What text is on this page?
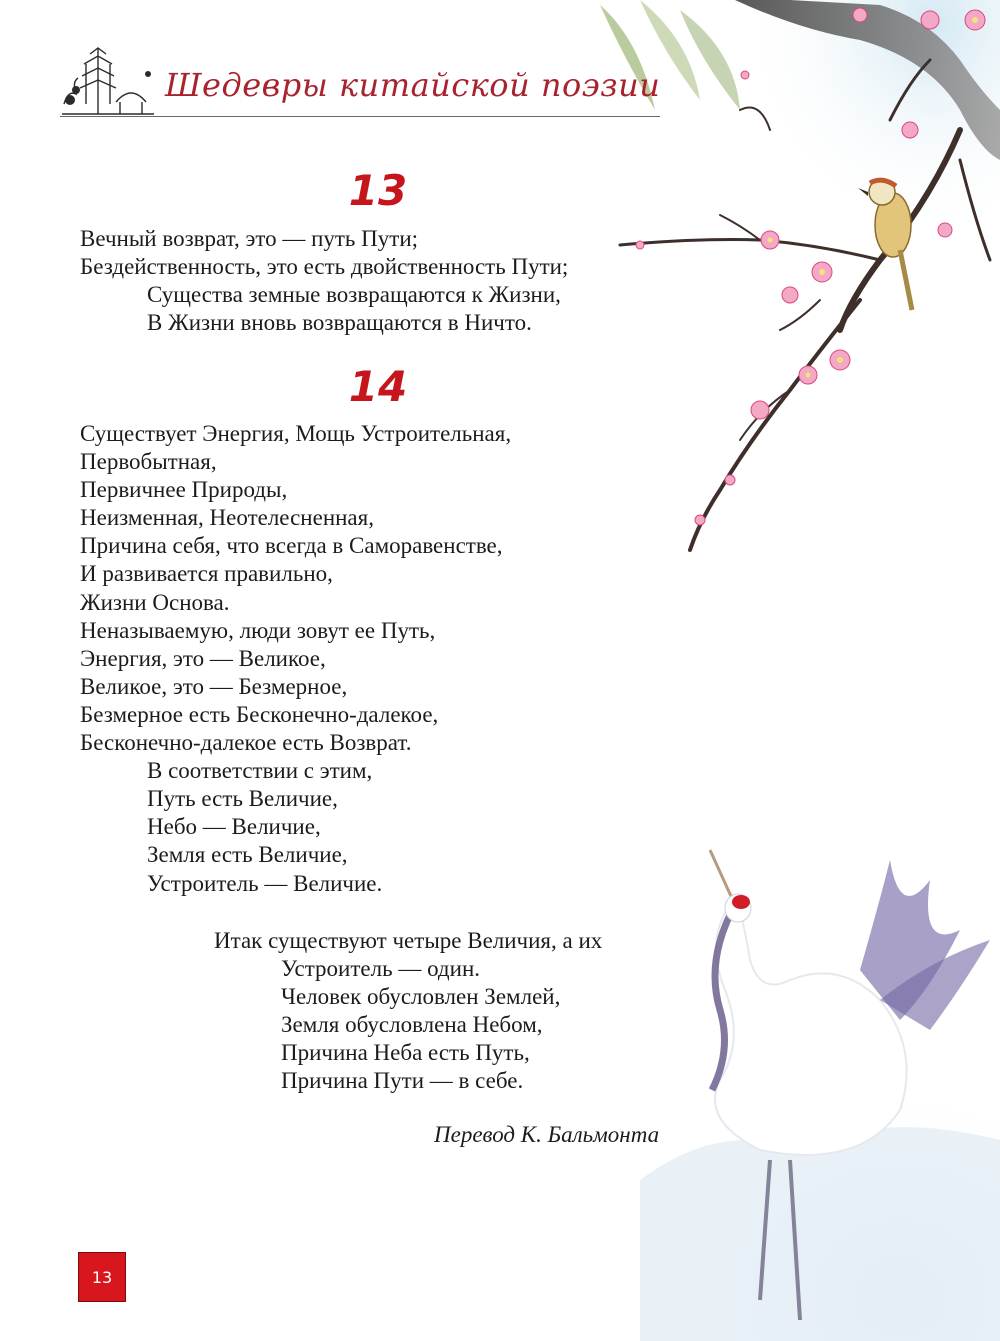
Шедевры китайской поэзии
13
Вечный возврат, это — путь Пути;
Бездейственность, это есть двойственность Пути;
Существа земные возвращаются к Жизни,
В Жизни вновь возвращаются в Ничто.
14
Существует Энергия, Мощь Устроительная,
Первобытная,
Первичнее Природы,
Неизменная, Неотелесненная,
Причина себя, что всегда в Саморавенстве,
И развивается правильно,
Жизни Основа.
Неназываемую, люди зовут ее Путь,
Энергия, это — Великое,
Великое, это — Безмерное,
Безмерное есть Бесконечно-далекое,
Бесконечно-далекое есть Возврат.
В соответствии с этим,
Путь есть Величие,
Небо — Величие,
Земля есть Величие,
Устроитель — Величие.
Итак существуют четыре Величия, а их
Устроитель — один.
Человек обусловлен Землей,
Земля обусловлена Небом,
Причина Неба есть Путь,
Причина Пути — в себе.
Перевод К. Бальмонта
13
